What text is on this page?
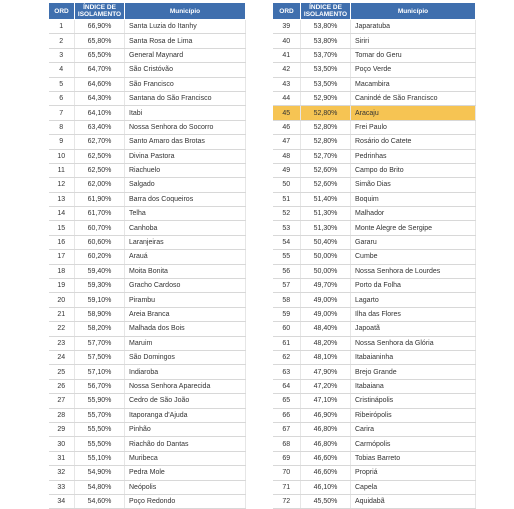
ORD	ÍNDICE DE ISOLAMENTO	Município
1	66,90%	Santa Luzia do Itanhy
2	65,80%	Santa Rosa de Lima
3	65,50%	General Maynard
4	64,70%	São Cristóvão
5	64,60%	São Francisco
6	64,30%	Santana do São Francisco
7	64,10%	Itabi
8	63,40%	Nossa Senhora do Socorro
9	62,70%	Santo Amaro das Brotas
10	62,50%	Divina Pastora
11	62,50%	Riachuelo
12	62,00%	Salgado
13	61,90%	Barra dos Coqueiros
14	61,70%	Telha
15	60,70%	Canhoba
16	60,60%	Laranjeiras
17	60,20%	Arauá
18	59,40%	Moita Bonita
19	59,30%	Gracho Cardoso
20	59,10%	Pirambu
21	58,90%	Areia Branca
22	58,20%	Malhada dos Bois
23	57,70%	Maruim
24	57,50%	São Domingos
25	57,10%	Indiaroba
26	56,70%	Nossa Senhora Aparecida
27	55,90%	Cedro de São João
28	55,70%	Itaporanga d'Ajuda
29	55,50%	Pinhão
30	55,50%	Riachão do Dantas
31	55,10%	Muribeca
32	54,90%	Pedra Mole
33	54,80%	Neópolis
34	54,60%	Poço Redondo
ORD	ÍNDICE DE ISOLAMENTO	Município
39	53,80%	Japaratuba
40	53,80%	Siriri
41	53,70%	Tomar do Geru
42	53,50%	Poço Verde
43	53,50%	Macambira
44	52,90%	Canindé de São Francisco
45	52,80%	Aracaju
46	52,80%	Frei Paulo
47	52,80%	Rosário do Catete
48	52,70%	Pedrinhas
49	52,60%	Campo do Brito
50	52,60%	Simão Dias
51	51,40%	Boquim
52	51,30%	Malhador
53	51,30%	Monte Alegre de Sergipe
54	50,40%	Gararu
55	50,00%	Cumbe
56	50,00%	Nossa Senhora de Lourdes
57	49,70%	Porto da Folha
58	49,00%	Lagarto
59	49,00%	Ilha das Flores
60	48,40%	Japoatã
61	48,20%	Nossa Senhora da Glória
62	48,10%	Itabaianinha
63	47,90%	Brejo Grande
64	47,20%	Itabaiana
65	47,10%	Cristinápolis
66	46,90%	Ribeirópolis
67	46,80%	Carira
68	46,80%	Carmópolis
69	46,60%	Tobias Barreto
70	46,60%	Propriá
71	46,10%	Capela
72	45,50%	Aquidabã
